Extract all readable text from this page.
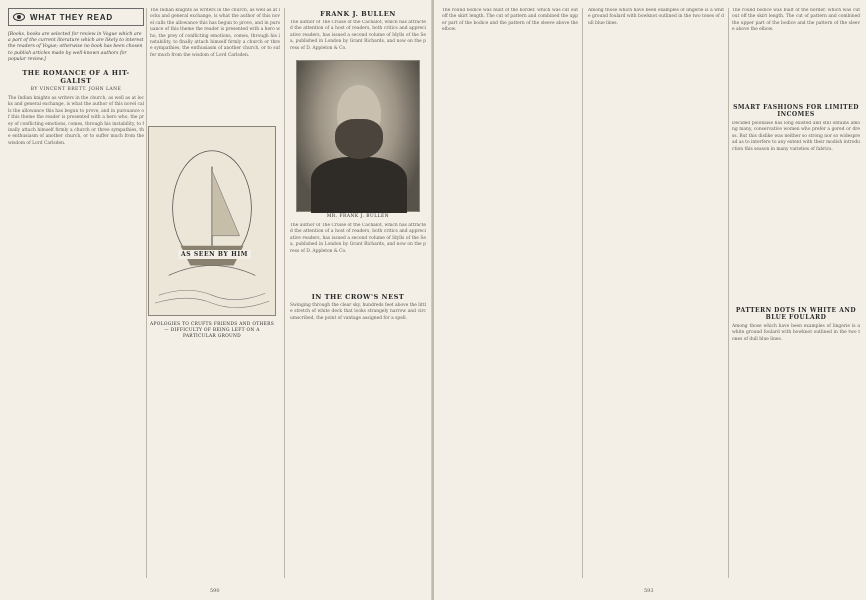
WHAT THEY READ

[Books, books are selected for review in Vogue which are a part of the current literature which are likely to interest the readers of Vogue; otherwise no book has been chosen to publish articles made by well-known authors for popular review.]

THE ROMANCE OF A HIT-GALIST
BY VINCENT BRETT. JOHN LANE
The Indian knights as writers in the church, as well as at locks and general exchange, is what the author of this novel calls the allowance this has begun to prove, and in pursuance of this theme the reader is presented with a hero who, the prey of conflicting emotions, comes, through his instability, to finally attach himself firmly a church or three sympathies, the enthusiasm of another church, or to suffer much from the wisdom of Lord Carlsden.
The Indian knights as writers in the church, as well as at locks and general exchange, is what the author of this novel calls the allowance this has begun to prove, and in pursuance of this theme the reader is presented with a hero who, the prey of conflicting emotions, comes, through his instability, to finally attach himself firmly a church or three sympathies, the enthusiasm of another church, or to suffer much from the wisdom of Lord Carlsden.
AS SEEN BY HIM
APOLOGIES TO CRUFTS FRIENDS AND OTHERS — DIFFICULTY OF BEING LEFT ON A PARTICULAR GROUND
FRANK J. BULLEN
The author of The Cruise of the Cachalot, which has attracted the attention of a host of readers, both critics and appreciative readers, has issued a second volume of Idylls of the Sea, published in London by Grant Richards, and now on the press of D. Appleton & Co.
MR. FRANK J. BULLEN
The author of The Cruise of the Cachalot, which has attracted the attention of a host of readers, both critics and appreciative readers, has issued a second volume of Idylls of the Sea, published in London by Grant Richards, and now on the press of D. Appleton & Co.
IN THE CROW'S NEST
Swinging through the clear sky, hundreds feet above the little stretch of white deck that looks strangely narrow and circumscribed, the point of vantage assigned for a spell.
590
The round bodice was built of the border. which was cut out off the skirt length. The cut of pattern and combined the upper part of the bodice and the pattern of the sleeve above the elbow.
Among those which have been examples of lingerie is a white ground foulard with bowknot outlined in the two tones of dull blue lines.
The round bodice was built of the border. which was cut out off the skirt length. The cut of pattern and combined the upper part of the bodice and the pattern of the sleeve above the elbow.
SMART FASHIONS FOR LIMITED INCOMES
Decided polonaise has long existed and still obtains among many, conservative women who prefer a gored or dress. But this dislike was neither so strong nor so widespread as to interfere to any extent with their modish introduction this season in many varieties of fabrics.
PATTERN DOTS IN WHITE AND BLUE FOULARD
Among those which have been examples of lingerie is a white ground foulard with bowknot outlined in the two tones of dull blue lines.
593
